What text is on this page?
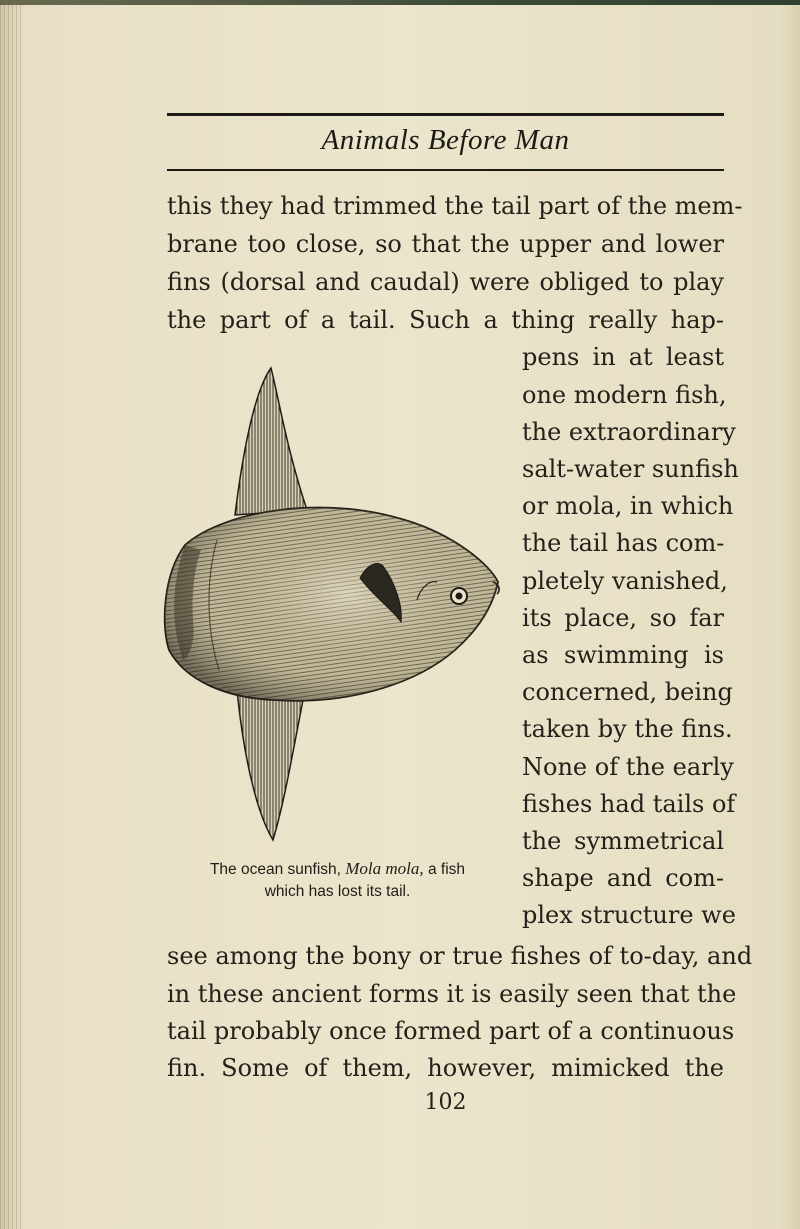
Animals Before Man
this they had trimmed the tail part of the mem-
brane too close, so that the upper and lower
fins (dorsal and caudal) were obliged to play
the part of a tail. Such a thing really hap-
pens in at least
one modern fish,
the extraordinary
salt-water sunfish
or mola, in which
the tail has com-
pletely vanished,
its place, so far
as swimming is
concerned, being
taken by the fins.
None of the early
fishes had tails of
the symmetrical
shape and com-
plex structure we
see among the bony or true fishes of to-day, and
in these ancient forms it is easily seen that the
tail probably once formed part of a continuous
fin. Some of them, however, mimicked the
The ocean sunfish, Mola mola, a fish
which has lost its tail.
102
